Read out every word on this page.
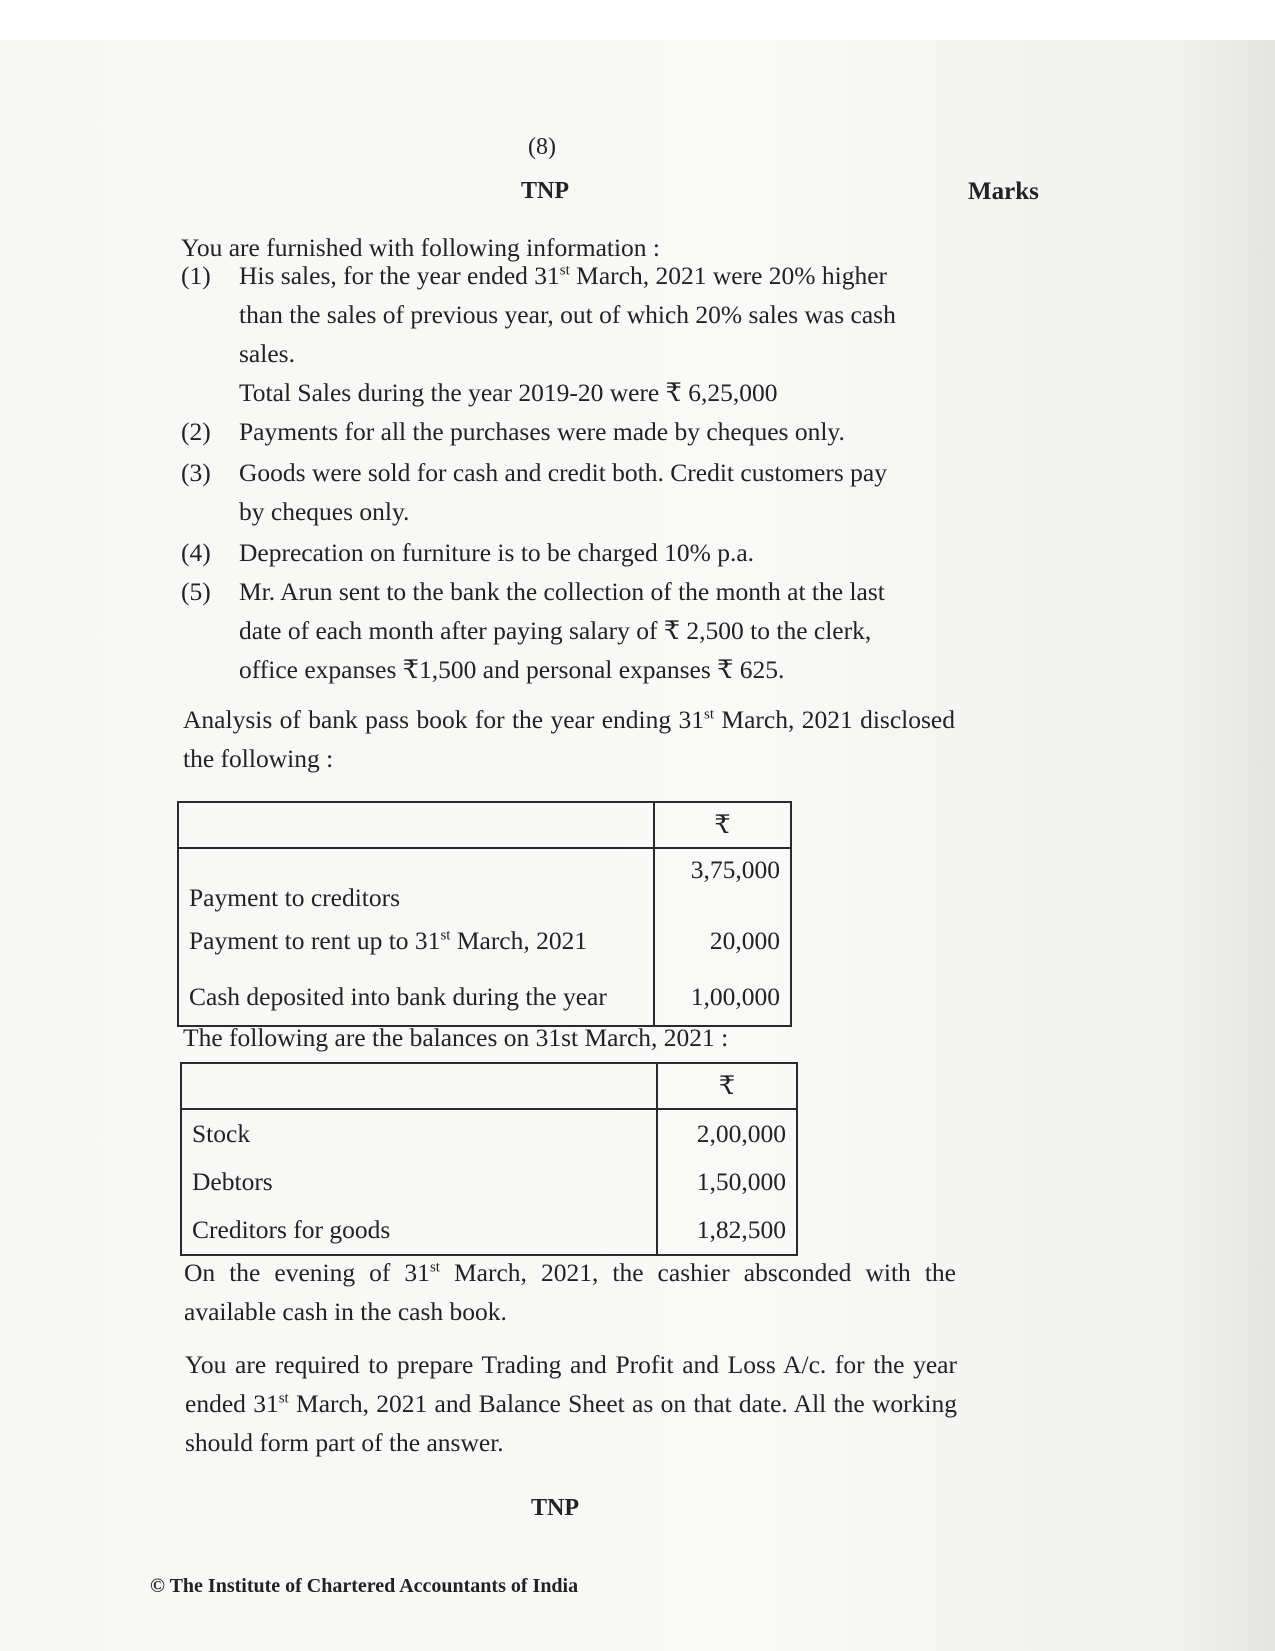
(8)
TNP	Marks
You are furnished with following information :
(1) His sales, for the year ended 31st March, 2021 were 20% higher
than the sales of previous year, out of which 20% sales was cash
sales.
Total Sales during the year 2019-20 were ₹ 6,25,000
(2) Payments for all the purchases were made by cheques only.
(3) Goods were sold for cash and credit both. Credit customers pay
by cheques only.
(4) Deprecation on furniture is to be charged 10% p.a.
(5) Mr. Arun sent to the bank the collection of the month at the last
date of each month after paying salary of ₹ 2,500 to the clerk,
office expanses ₹1,500 and personal expanses ₹ 625.
Analysis of bank pass book for the year ending 31st March, 2021 disclosed the following :
	₹
Payment to creditors	3,75,000
Payment to rent up to 31st March, 2021	20,000
Cash deposited into bank during the year	1,00,000
The following are the balances on 31st March, 2021 :
	₹
Stock	2,00,000
Debtors	1,50,000
Creditors for goods	1,82,500
On the evening of 31st March, 2021, the cashier absconded with the available cash in the cash book.
You are required to prepare Trading and Profit and Loss A/c. for the year ended 31st March, 2021 and Balance Sheet as on that date. All the working should form part of the answer.
TNP
© The Institute of Chartered Accountants of India
